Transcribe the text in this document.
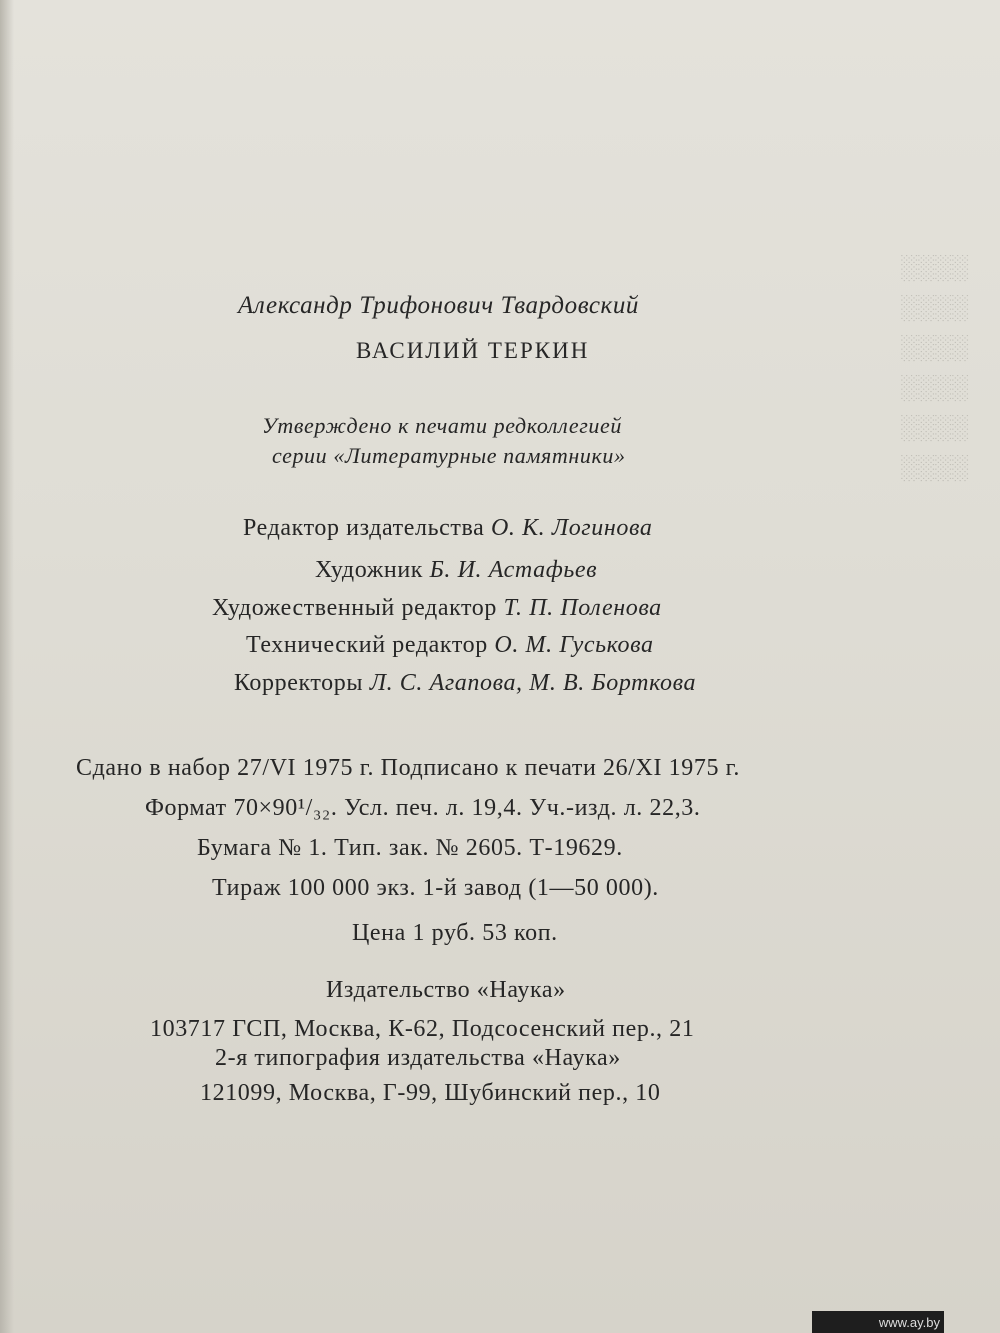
░░░░
░░░░
░░░░
░░░░
░░░░
░░░░
Александр Трифонович Твардовский
ВАСИЛИЙ ТЕРКИН
Утверждено к печати редколлегией
серии «Литературные памятники»
Редактор издательства О. К. Логинова
Художник Б. И. Астафьев
Художественный редактор Т. П. Поленова
Технический редактор О. М. Гуськова
Корректоры Л. С. Агапова, М. В. Борткова
Сдано в набор 27/VI 1975 г. Подписано к печати 26/XI 1975 г.
Формат 70×90¹/₃₂. Усл. печ. л. 19,4. Уч.-изд. л. 22,3.
Бумага № 1. Тип. зак. № 2605. Т-19629.
Тираж 100 000 экз. 1-й завод (1—50 000).
Цена 1 руб. 53 коп.
Издательство «Наука»
103717 ГСП, Москва, К-62, Подсосенский пер., 21
2-я типография издательства «Наука»
121099, Москва, Г-99, Шубинский пер., 10
www.ay.by
